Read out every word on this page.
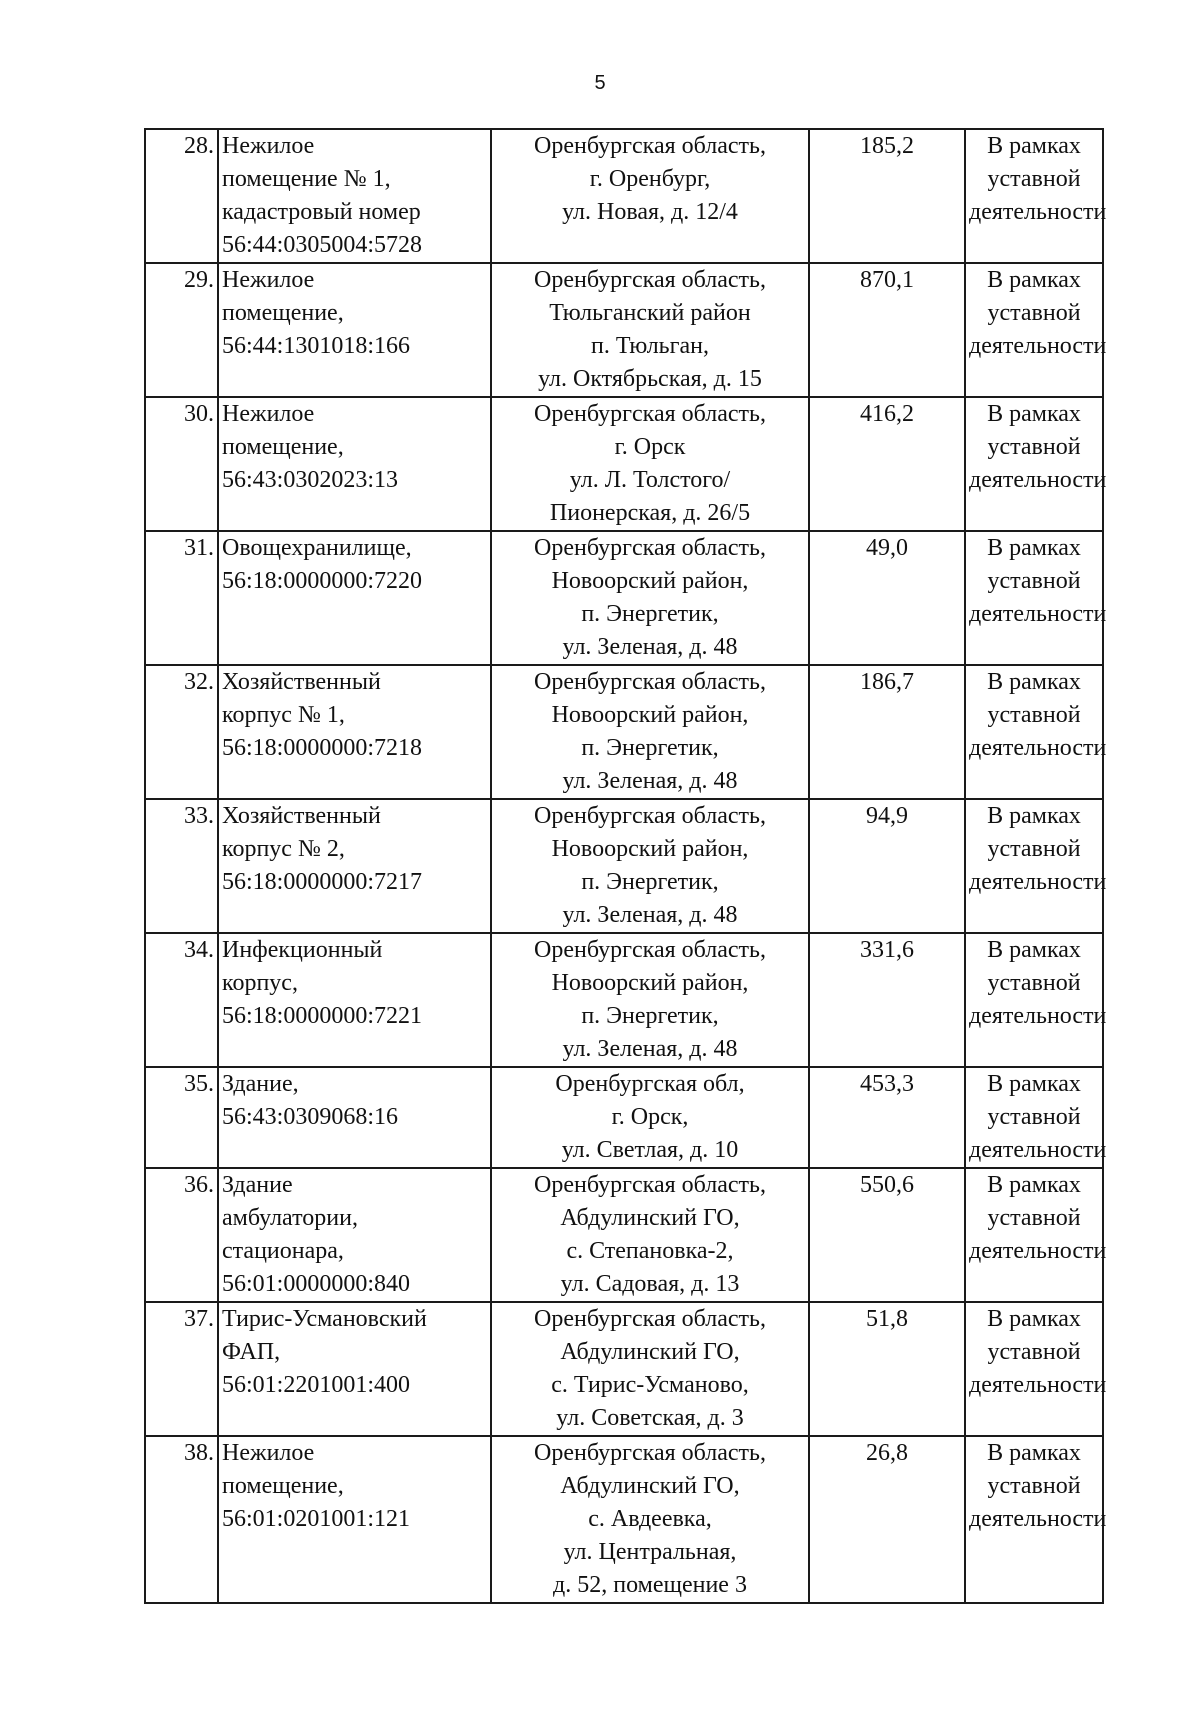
5
28.	Нежилое
помещение № 1,
кадастровый номер
56:44:0305004:5728	Оренбургская область,
г. Оренбург,
ул. Новая, д. 12/4	185,2	В рамках
уставной
деятельности

29.	Нежилое
помещение,
56:44:1301018:166	Оренбургская область,
Тюльганский район
п. Тюльган,
ул. Октябрьская, д. 15	870,1	В рамках
уставной
деятельности

30.	Нежилое
помещение,
56:43:0302023:13	Оренбургская область,
г. Орск
ул. Л. Толстого/
Пионерская, д. 26/5	416,2	В рамках
уставной
деятельности

31.	Овощехранилище,
56:18:0000000:7220	Оренбургская область,
Новоорский район,
п. Энергетик,
ул. Зеленая, д. 48	49,0	В рамках
уставной
деятельности

32.	Хозяйственный
корпус № 1,
56:18:0000000:7218	Оренбургская область,
Новоорский район,
п. Энергетик,
ул. Зеленая, д. 48	186,7	В рамках
уставной
деятельности

33.	Хозяйственный
корпус № 2,
56:18:0000000:7217	Оренбургская область,
Новоорский район,
п. Энергетик,
ул. Зеленая, д. 48	94,9	В рамках
уставной
деятельности

34.	Инфекционный
корпус,
56:18:0000000:7221	Оренбургская область,
Новоорский район,
п. Энергетик,
ул. Зеленая, д. 48	331,6	В рамках
уставной
деятельности

35.	Здание,
56:43:0309068:16	Оренбургская обл,
г. Орск,
ул. Светлая, д. 10	453,3	В рамках
уставной
деятельности

36.	Здание
амбулатории,
стационара,
56:01:0000000:840	Оренбургская область,
Абдулинский ГО,
с. Степановка-2,
ул. Садовая, д. 13	550,6	В рамках
уставной
деятельности

37.	Тирис-Усмановский
ФАП,
56:01:2201001:400	Оренбургская область,
Абдулинский ГО,
с. Тирис-Усманово,
ул. Советская, д. 3	51,8	В рамках
уставной
деятельности

38.	Нежилое
помещение,
56:01:0201001:121	Оренбургская область,
Абдулинский ГО,
с. Авдеевка,
ул. Центральная,
д. 52, помещение 3	26,8	В рамках
уставной
деятельности
